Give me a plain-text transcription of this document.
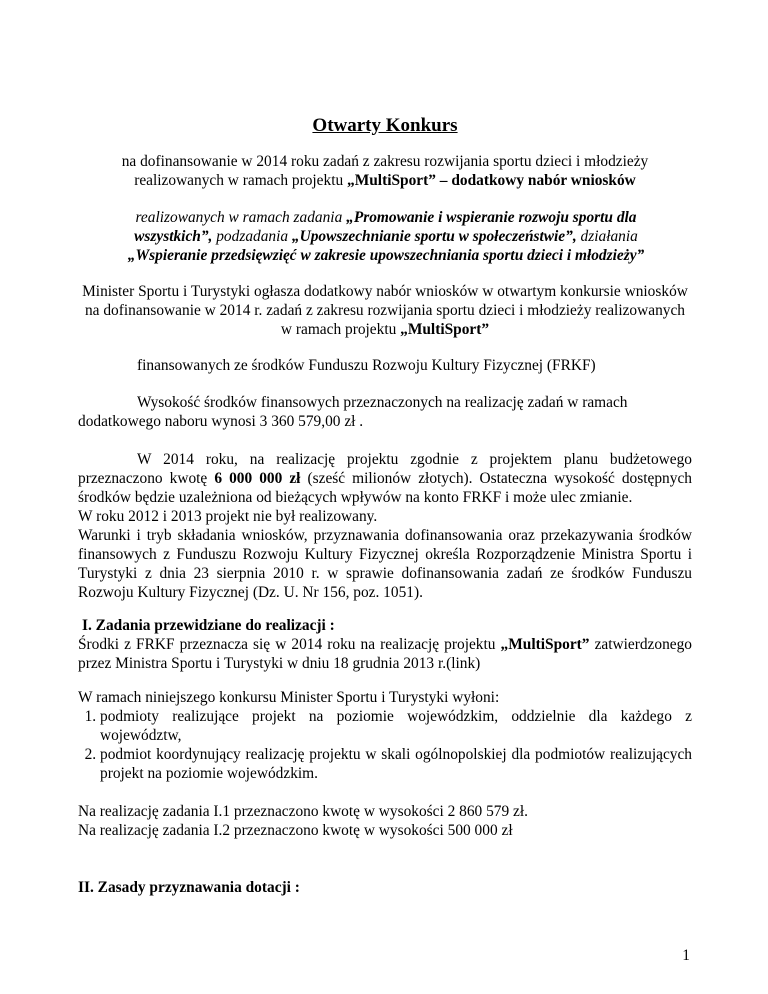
Otwarty Konkurs
na dofinansowanie w 2014 roku zadań z zakresu rozwijania sportu dzieci i młodzieży
realizowanych w ramach projektu „MultiSport” – dodatkowy nabór wniosków
realizowanych w ramach zadania „Promowanie i wspieranie rozwoju sportu dla wszystkich”, podzadania „Upowszechnianie sportu w społeczeństwie”, działania
„Wspieranie przedsięwzięć w zakresie upowszechniania sportu dzieci i młodzieży”
Minister Sportu i Turystyki ogłasza dodatkowy nabór wniosków w otwartym konkursie wniosków na dofinansowanie w 2014 r. zadań z zakresu rozwijania sportu dzieci i młodzieży realizowanych w ramach projektu „MultiSport”
finansowanych ze środków Funduszu Rozwoju Kultury Fizycznej (FRKF)
Wysokość środków finansowych przeznaczonych na realizację zadań w ramach dodatkowego naboru wynosi 3 360 579,00 zł .
W 2014 roku, na realizację projektu zgodnie z projektem planu budżetowego przeznaczono kwotę 6 000 000 zł (sześć milionów złotych). Ostateczna wysokość dostępnych środków będzie uzależniona od bieżących wpływów na konto FRKF i może ulec zmianie.
W roku 2012 i 2013 projekt nie był realizowany.
Warunki i tryb składania wniosków, przyznawania dofinansowania oraz przekazywania środków finansowych z Funduszu Rozwoju Kultury Fizycznej określa Rozporządzenie Ministra Sportu i Turystyki z dnia 23 sierpnia 2010 r. w sprawie dofinansowania zadań ze środków Funduszu Rozwoju Kultury Fizycznej (Dz. U. Nr 156, poz. 1051).
I. Zadania przewidziane do realizacji :
Środki z FRKF przeznacza się w 2014 roku na realizację projektu „MultiSport” zatwierdzonego przez Ministra Sportu i Turystyki w dniu 18 grudnia 2013 r.(link)
W ramach niniejszego konkursu Minister Sportu i Turystyki wyłoni:
1. podmioty realizujące projekt na poziomie wojewódzkim, oddzielnie dla każdego z województw,
2. podmiot koordynujący realizację projektu w skali ogólnopolskiej dla podmiotów realizujących projekt na poziomie wojewódzkim.
Na realizację zadania I.1 przeznaczono kwotę w wysokości 2 860 579 zł.
Na realizację zadania I.2 przeznaczono kwotę w wysokości 500 000 zł
II. Zasady przyznawania dotacji :
1
